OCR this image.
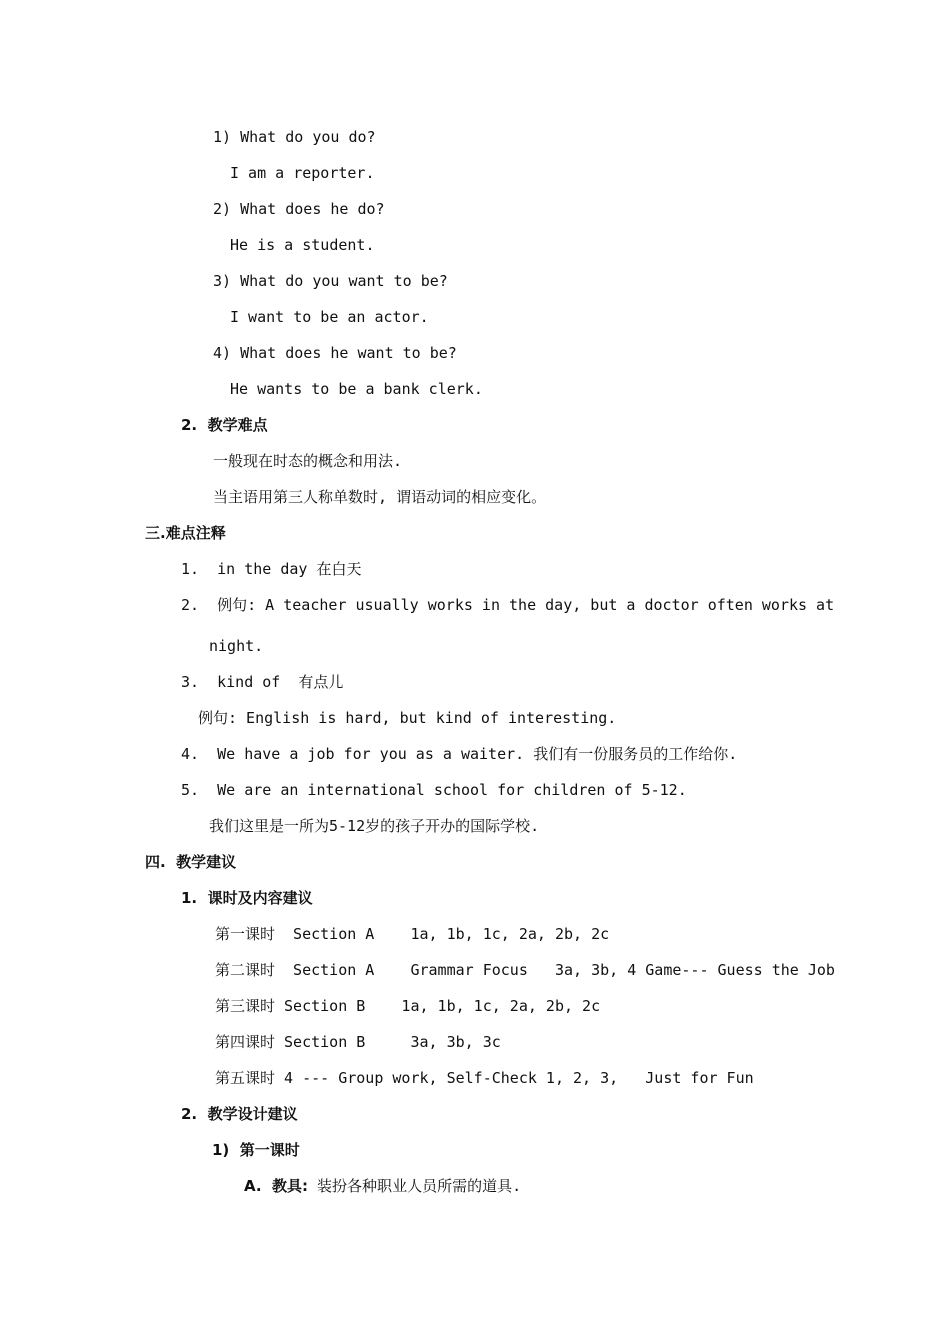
1) What do you do?
I am a reporter.
2) What does he do?
He is a student.
3) What do you want to be?
I want to be an actor.
4) What does he want to be?
He wants to be a bank clerk.
2.  教学难点
一般现在时态的概念和用法.
当主语用第三人称单数时, 谓语动词的相应变化。
三.难点注释
1.  in the day 在白天
2.  例句: A teacher usually works in the day, but a doctor often works at
night.
3.  kind of  有点儿
例句: English is hard, but kind of interesting.
4.  We have a job for you as a waiter. 我们有一份服务员的工作给你.
5.  We are an international school for children of 5-12.
我们这里是一所为5-12岁的孩子开办的国际学校.
四.  教学建议
1.  课时及内容建议
第一课时  Section A    1a, 1b, 1c, 2a, 2b, 2c
第二课时  Section A    Grammar Focus   3a, 3b, 4 Game--- Guess the Job
第三课时 Section B    1a, 1b, 1c, 2a, 2b, 2c
第四课时 Section B     3a, 3b, 3c
第五课时 4 --- Group work, Self-Check 1, 2, 3,   Just for Fun
2.  教学设计建议
1)  第一课时
A.  教具: 装扮各种职业人员所需的道具.
